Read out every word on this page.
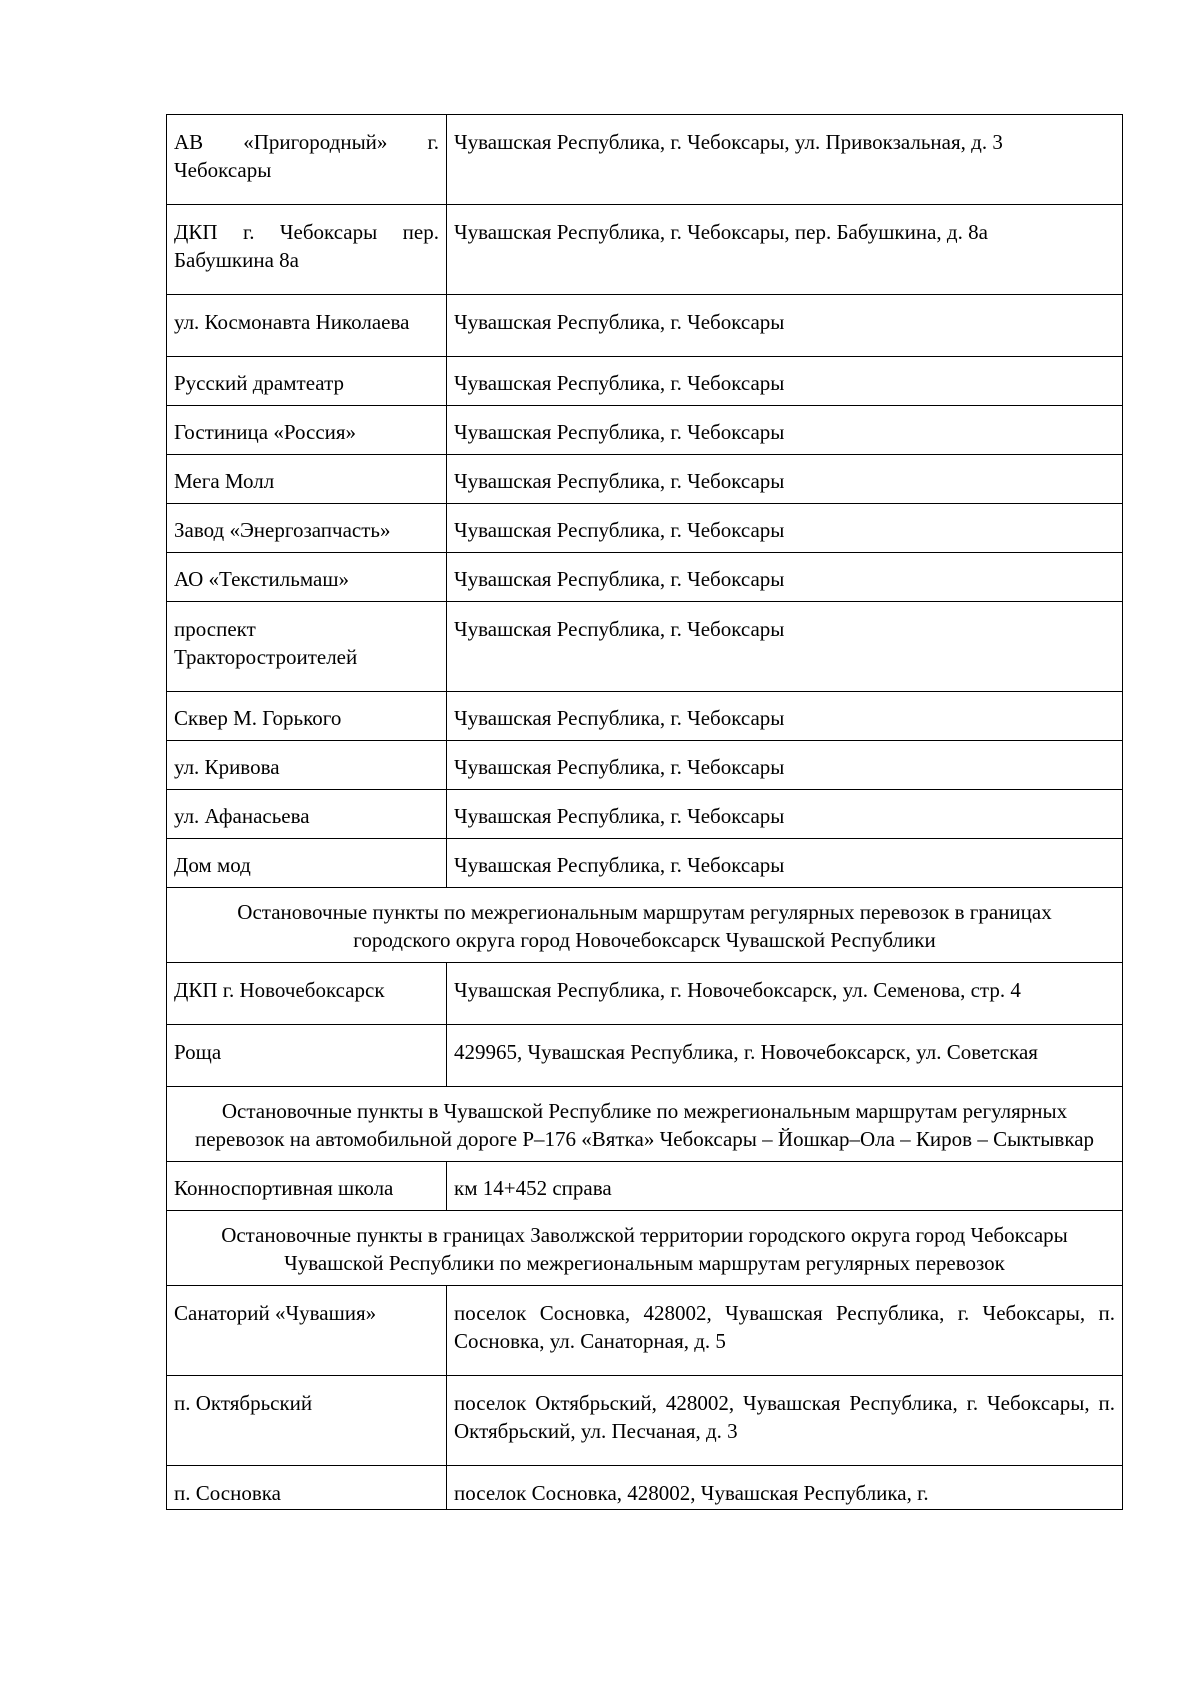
АВ «Пригородный» г. Чебоксары	Чувашская Республика, г. Чебоксары, ул. Привокзальная, д. 3
ДКП г. Чебоксары пер. Бабушкина 8а	Чувашская Республика, г. Чебоксары, пер. Бабушкина, д. 8а
ул. Космонавта Николаева	Чувашская Республика, г. Чебоксары
Русский драмтеатр	Чувашская Республика, г. Чебоксары
Гостиница «Россия»	Чувашская Республика, г. Чебоксары
Мега Молл	Чувашская Республика, г. Чебоксары
Завод «Энергозапчасть»	Чувашская Республика, г. Чебоксары
АО «Текстильмаш»	Чувашская Республика, г. Чебоксары
проспект Тракторостроителей	Чувашская Республика, г. Чебоксары
Сквер М. Горького	Чувашская Республика, г. Чебоксары
ул. Кривова	Чувашская Республика, г. Чебоксары
ул. Афанасьева	Чувашская Республика, г. Чебоксары
Дом мод	Чувашская Республика, г. Чебоксары
Остановочные пункты по межрегиональным маршрутам регулярных перевозок в границах городского округа город Новочебоксарск Чувашской Республики	
ДКП г. Новочебоксарск	Чувашская Республика, г. Новочебоксарск, ул. Семенова, стр. 4
Роща	429965, Чувашская Республика, г. Новочебоксарск, ул. Советская
Остановочные пункты в Чувашской Республике по межрегиональным маршрутам регулярных перевозок на автомобильной дороге Р–176 «Вятка» Чебоксары – Йошкар–Ола – Киров – Сыктывкар	
Конноспортивная школа	км 14+452 справа
Остановочные пункты в границах Заволжской территории городского округа город Чебоксары Чувашской Республики по межрегиональным маршрутам регулярных перевозок	
Санаторий «Чувашия»	поселок Сосновка, 428002, Чувашская Республика, г. Чебоксары, п. Сосновка, ул. Санаторная, д. 5
п. Октябрьский	поселок Октябрьский, 428002, Чувашская Республика, г. Чебоксары, п. Октябрьский, ул. Песчаная, д. 3
п. Сосновка	поселок Сосновка, 428002, Чувашская Республика, г.
